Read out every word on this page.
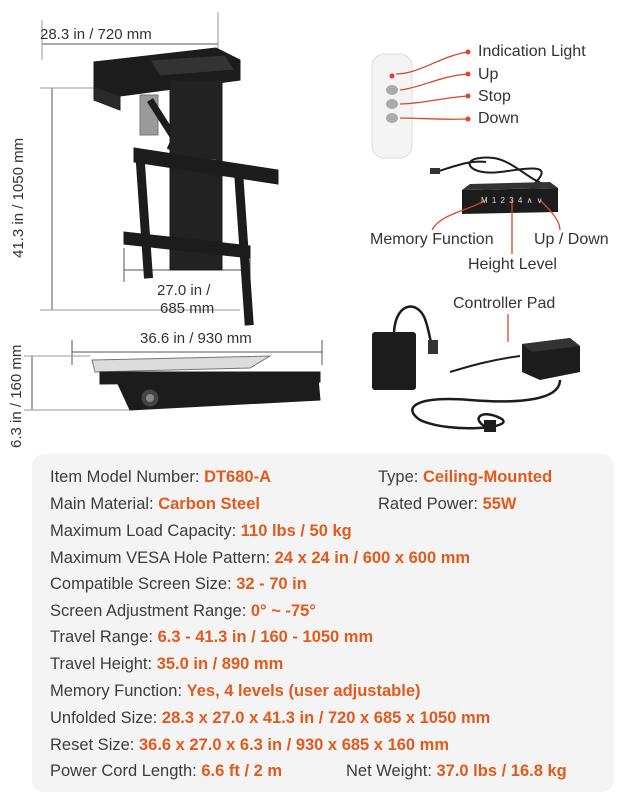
28.3 in / 720 mm
41.3 in / 1050 mm
27.0 in /
685 mm
36.6 in / 930 mm
6.3 in / 160 mm
Indication Light
Up
Stop
Down
M 1 2 3 4 ∧ ∨
Memory Function	Up / Down
Height Level
Controller Pad
Item Model Number: DT680-A	Type: Ceiling-Mounted
Main Material: Carbon Steel	Rated Power: 55W
Maximum Load Capacity: 110 lbs / 50 kg
Maximum VESA Hole Pattern: 24 x 24 in / 600 x 600 mm
Compatible Screen Size: 32 - 70 in
Screen Adjustment Range: 0° ~ -75°
Travel Range: 6.3 - 41.3 in / 160 - 1050 mm
Travel Height: 35.0 in / 890 mm
Memory Function: Yes, 4 levels (user adjustable)
Unfolded Size: 28.3 x 27.0 x 41.3 in / 720 x 685 x 1050 mm
Reset Size: 36.6 x 27.0 x 6.3 in / 930 x 685 x 160 mm
Power Cord Length: 6.6 ft / 2 m	Net Weight: 37.0 lbs / 16.8 kg
